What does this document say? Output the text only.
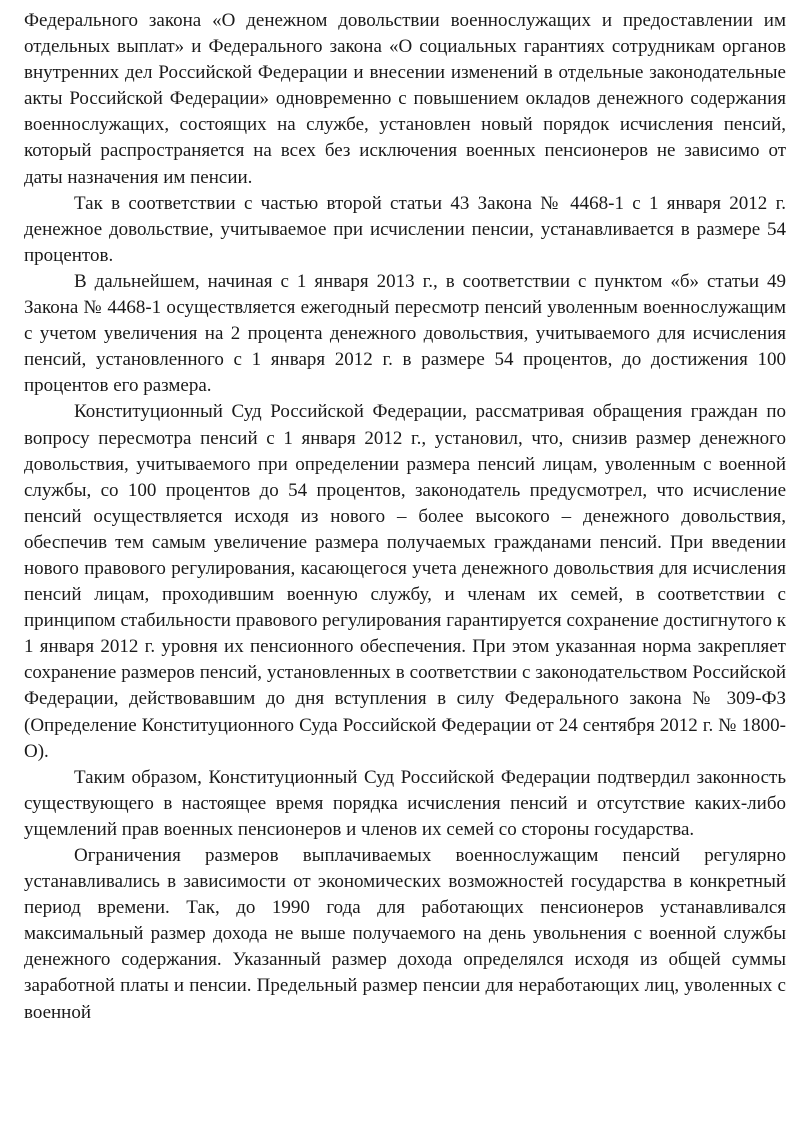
Федерального закона «О денежном довольствии военнослужащих и предоставлении им отдельных выплат» и Федерального закона «О социальных гарантиях сотрудникам органов внутренних дел Российской Федерации и внесении изменений в отдельные законодательные акты Российской Федерации» одновременно с повышением окладов денежного содержания военнослужащих, состоящих на службе, установлен новый порядок исчисления пенсий, который распространяется на всех без исключения военных пенсионеров не зависимо от даты назначения им пенсии.

Так в соответствии с частью второй статьи 43 Закона № 4468-1 с 1 января 2012 г. денежное довольствие, учитываемое при исчислении пенсии, устанавливается в размере 54 процентов.

В дальнейшем, начиная с 1 января 2013 г., в соответствии с пунктом «б» статьи 49 Закона № 4468-1 осуществляется ежегодный пересмотр пенсий уволенным военнослужащим с учетом увеличения на 2 процента денежного довольствия, учитываемого для исчисления пенсий, установленного с 1 января 2012 г. в размере 54 процентов, до достижения 100 процентов его размера.

Конституционный Суд Российской Федерации, рассматривая обращения граждан по вопросу пересмотра пенсий с 1 января 2012 г., установил, что, снизив размер денежного довольствия, учитываемого при определении размера пенсий лицам, уволенным с военной службы, со 100 процентов до 54 процентов, законодатель предусмотрел, что исчисление пенсий осуществляется исходя из нового – более высокого – денежного довольствия, обеспечив тем самым увеличение размера получаемых гражданами пенсий. При введении нового правового регулирования, касающегося учета денежного довольствия для исчисления пенсий лицам, проходившим военную службу, и членам их семей, в соответствии с принципом стабильности правового регулирования гарантируется сохранение достигнутого к 1 января 2012 г. уровня их пенсионного обеспечения. При этом указанная норма закрепляет сохранение размеров пенсий, установленных в соответствии с законодательством Российской Федерации, действовавшим до дня вступления в силу Федерального закона № 309-ФЗ (Определение Конституционного Суда Российской Федерации от 24 сентября 2012 г. № 1800-О).

Таким образом, Конституционный Суд Российской Федерации подтвердил законность существующего в настоящее время порядка исчисления пенсий и отсутствие каких-либо ущемлений прав военных пенсионеров и членов их семей со стороны государства.

Ограничения размеров выплачиваемых военнослужащим пенсий регулярно устанавливались в зависимости от экономических возможностей государства в конкретный период времени. Так, до 1990 года для работающих пенсионеров устанавливался максимальный размер дохода не выше получаемого на день увольнения с военной службы денежного содержания. Указанный размер дохода определялся исходя из общей суммы заработной платы и пенсии. Предельный размер пенсии для неработающих лиц, уволенных с военной
